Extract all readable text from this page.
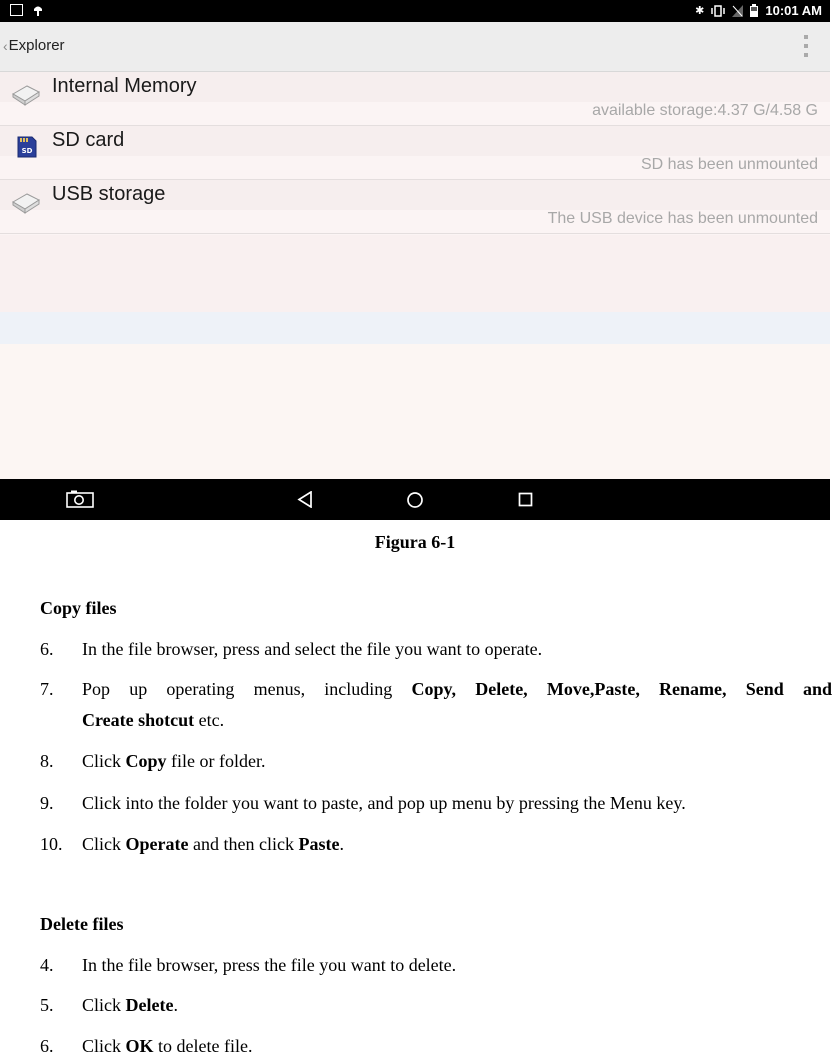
✱	10:01 AM
‹ Explorer
Internal Memory
available storage:4.37 G/4.58 G
SD SD card
SD has been unmounted
USB storage
The USB device has been unmounted
Figura 6-1
Copy files
6. In the file browser, press and select the file you want to operate.
7. Pop up operating menus, including Copy, Delete, Move,Paste, Rename, Send and
Create shotcut etc.
8. Click Copy file or folder.
9. Click into the folder you want to paste, and pop up menu by pressing the Menu key.
10. Click Operate and then click Paste.
Delete files
4. In the file browser, press the file you want to delete.
5. Click Delete.
6. Click OK to delete file.
